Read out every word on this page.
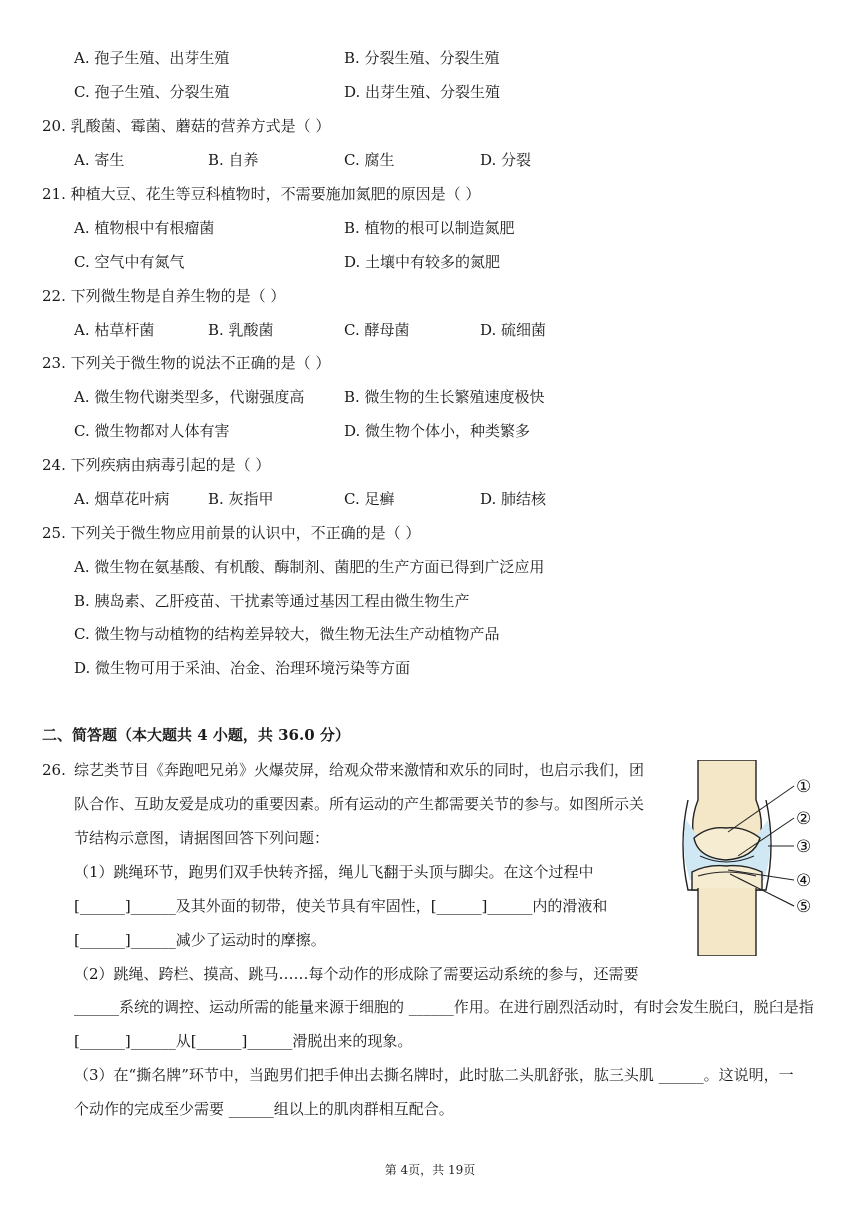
A. 孢子生殖、出芽生殖	B. 分裂生殖、分裂生殖
C. 孢子生殖、分裂生殖	D. 出芽生殖、分裂生殖
20. 乳酸菌、霉菌、蘑菇的营养方式是（ ）
A. 寄生	B. 自养	C. 腐生	D. 分裂
21. 种植大豆、花生等豆科植物时，不需要施加氮肥的原因是（ ）
A. 植物根中有根瘤菌	B. 植物的根可以制造氮肥
C. 空气中有氮气	D. 土壤中有较多的氮肥
22. 下列微生物是自养生物的是（ ）
A. 枯草杆菌	B. 乳酸菌	C. 酵母菌	D. 硫细菌
23. 下列关于微生物的说法不正确的是（ ）
A. 微生物代谢类型多，代谢强度高	B. 微生物的生长繁殖速度极快
C. 微生物都对人体有害	D. 微生物个体小，种类繁多
24. 下列疾病由病毒引起的是（ ）
A. 烟草花叶病	B. 灰指甲	C. 足癣	D. 肺结核
25. 下列关于微生物应用前景的认识中，不正确的是（ ）
A. 微生物在氨基酸、有机酸、酶制剂、菌肥的生产方面已得到广泛应用
B. 胰岛素、乙肝疫苗、干扰素等通过基因工程由微生物生产
C. 微生物与动植物的结构差异较大，微生物无法生产动植物产品
D. 微生物可用于采油、冶金、治理环境污染等方面
二、简答题（本大题共 4 小题，共 36.0 分）
26. 综艺类节目《奔跑吧兄弟》火爆荧屏，给观众带来激情和欢乐的同时，也启示我们，团队合作、互助友爱是成功的重要因素。所有运动的产生都需要关节的参与。如图所示关节结构示意图，请据图回答下列问题：
（1）跳绳环节，跑男们双手快转齐摇，绳儿飞翻于头顶与脚尖。在这个过程中
[______]______及其外面的韧带，使关节具有牢固性，[______]______内的滑液和
[______]______减少了运动时的摩擦。
（2）跳绳、跨栏、摸高、跳马……每个动作的形成除了需要运动系统的参与，还需要
______系统的调控、运动所需的能量来源于细胞的 ______作用。在进行剧烈活动时，有时会发生脱臼，脱臼是指
[______]______从[______]______滑脱出来的现象。
（3）在“撕名牌”环节中，当跑男们把手伸出去撕名牌时，此时肱二头肌舒张，肱三头肌 ______。这说明，一
个动作的完成至少需要 ______组以上的肌肉群相互配合。
①
②
③
④
⑤
第 4页，共 19页
